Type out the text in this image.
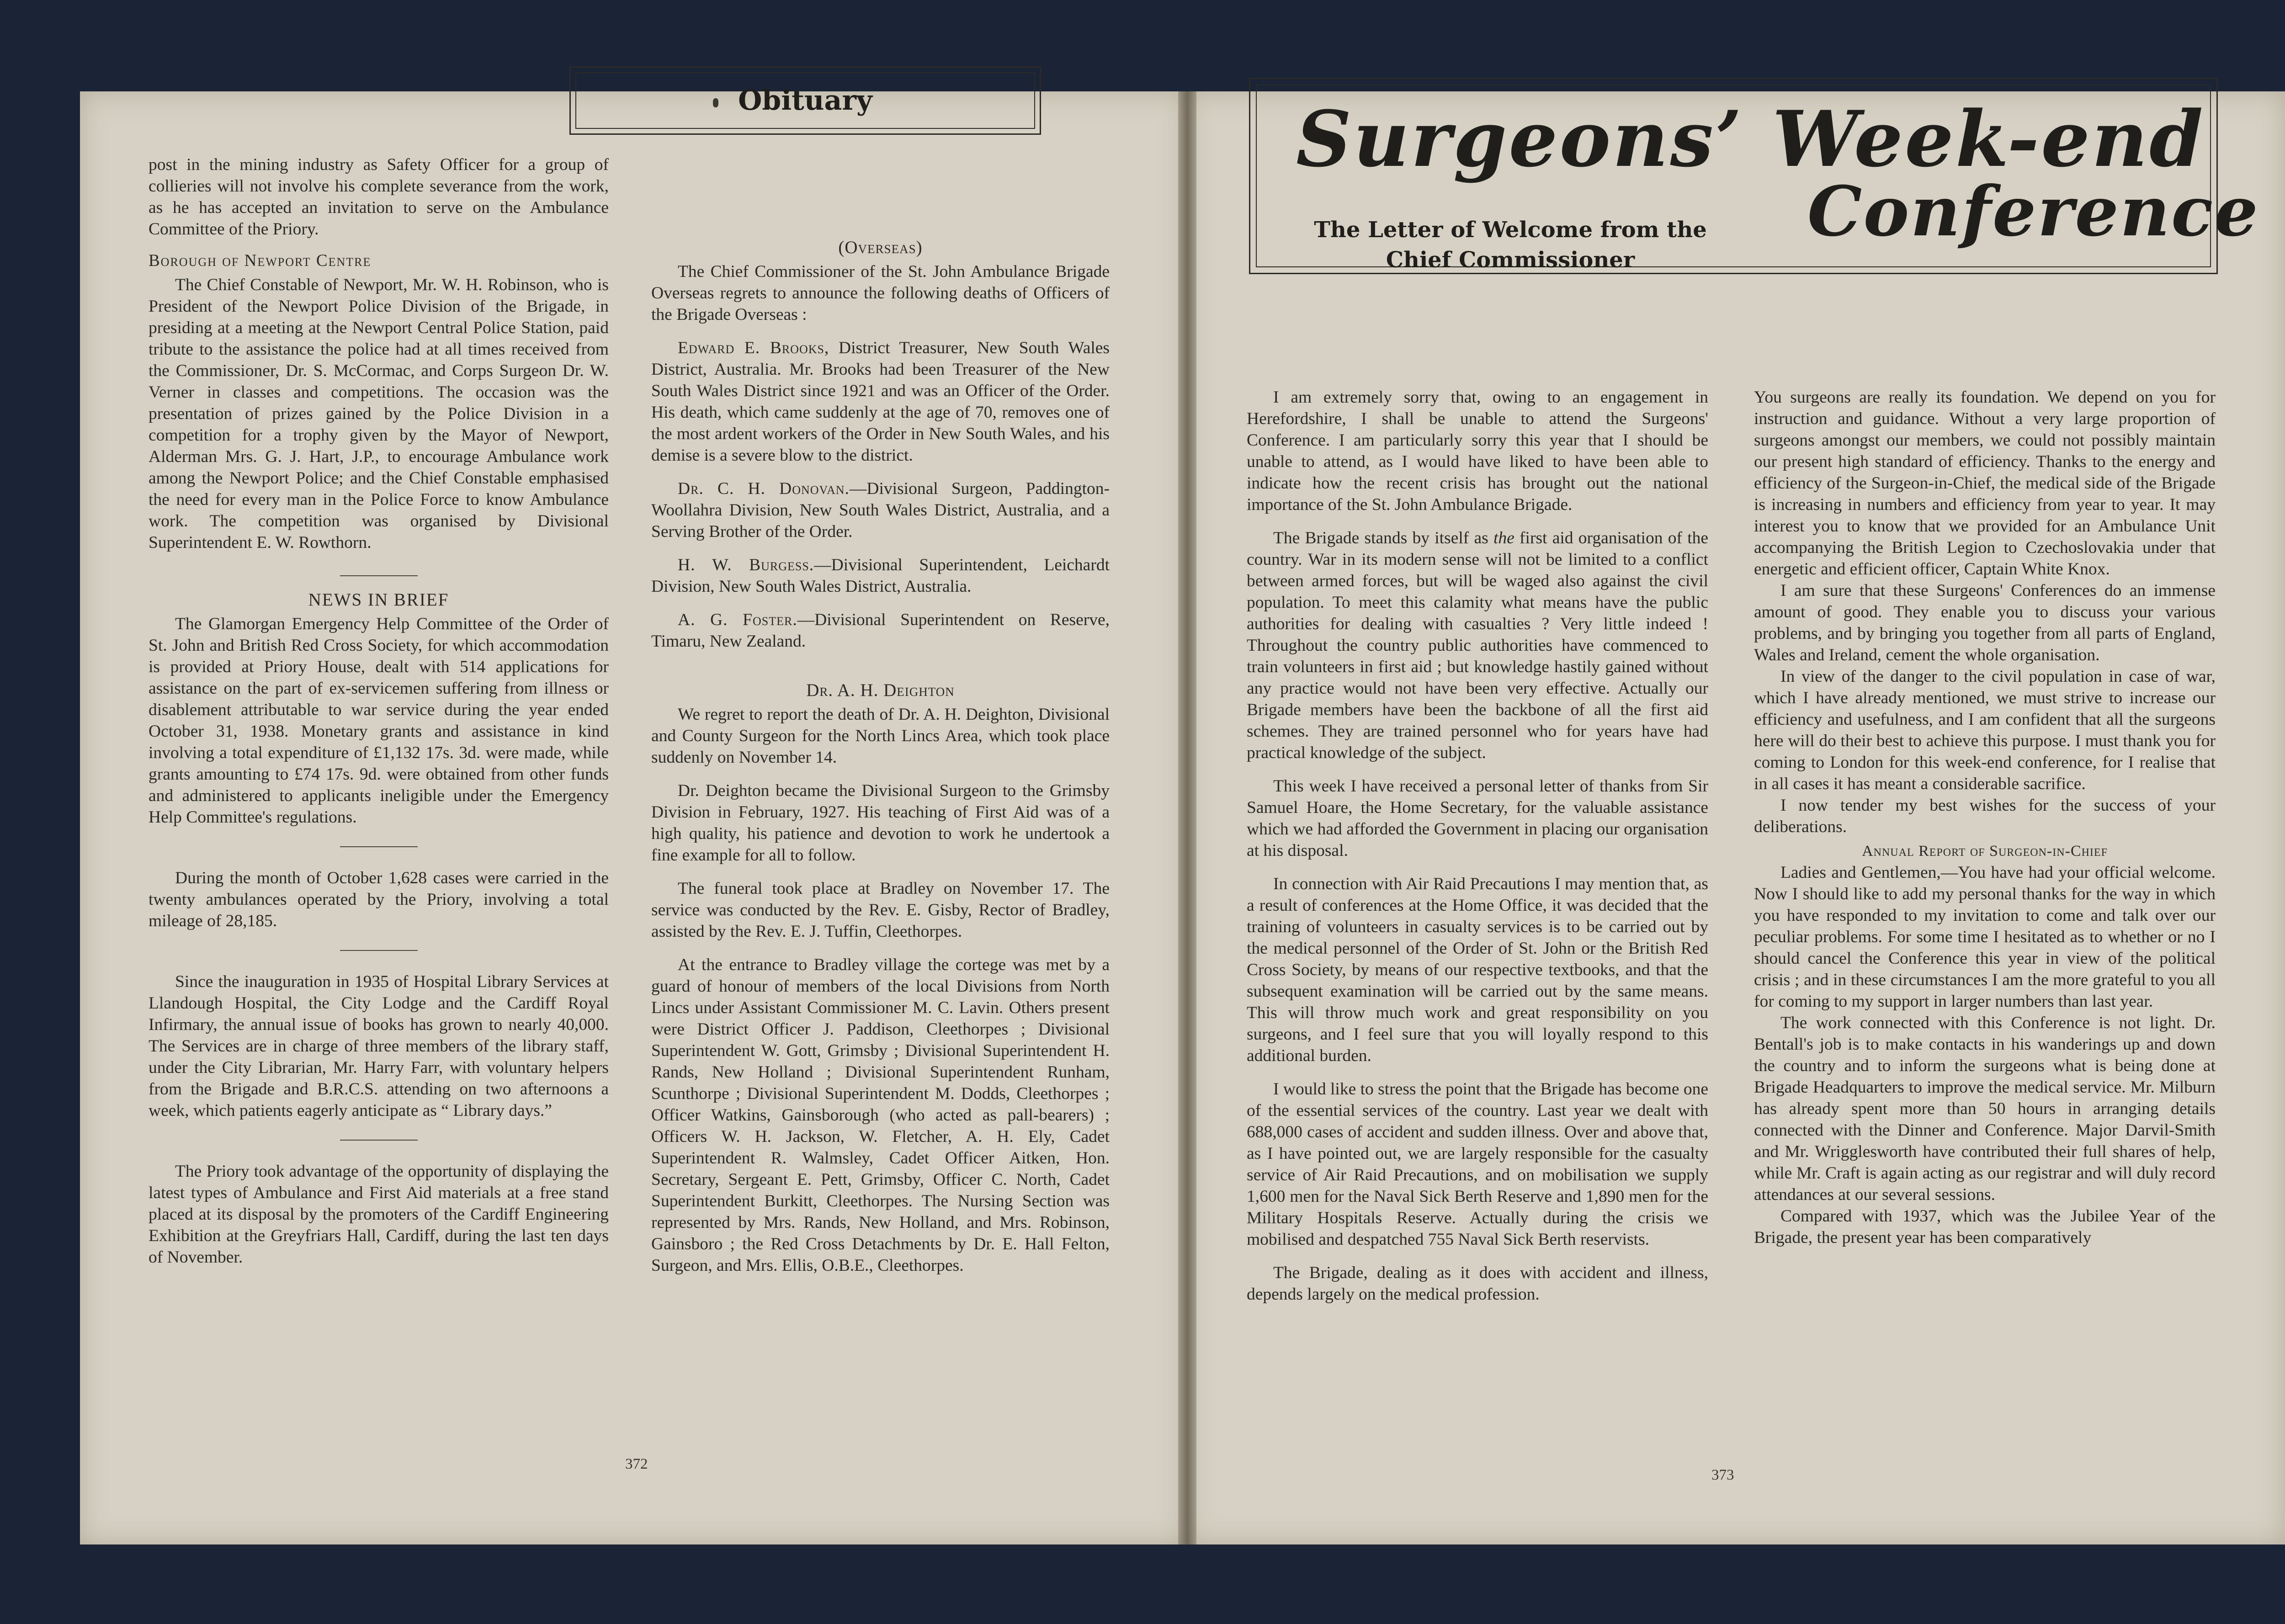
post in the mining industry as Safety Officer for a group of collieries will not involve his complete severance from the work, as he has accepted an invitation to serve on the Ambulance Committee of the Priory.

Borough of Newport Centre

The Chief Constable of Newport, Mr. W. H. Robinson, who is President of the Newport Police Division of the Brigade, in presiding at a meeting at the Newport Central Police Station, paid tribute to the assistance the police had at all times received from the Commissioner, Dr. S. McCormac, and Corps Surgeon Dr. W. Verner in classes and competitions. The occasion was the presentation of prizes gained by the Police Division in a competition for a trophy given by the Mayor of Newport, Alderman Mrs. G. J. Hart, J.P., to encourage Ambulance work among the Newport Police; and the Chief Constable emphasised the need for every man in the Police Force to know Ambulance work. The competition was organised by Divisional Superintendent E. W. Rowthorn.

NEWS IN BRIEF

The Glamorgan Emergency Help Committee of the Order of St. John and British Red Cross Society, for which accommodation is provided at Priory House, dealt with 514 applications for assistance on the part of ex-servicemen suffering from illness or disablement attributable to war service during the year ended October 31, 1938. Monetary grants and assistance in kind involving a total expenditure of £1,132 17s. 3d. were made, while grants amounting to £74 17s. 9d. were obtained from other funds and administered to applicants ineligible under the Emergency Help Committee's regulations.

During the month of October 1,628 cases were carried in the twenty ambulances operated by the Priory, involving a total mileage of 28,185.

Since the inauguration in 1935 of Hospital Library Services at Llandough Hospital, the City Lodge and the Cardiff Royal Infirmary, the annual issue of books has grown to nearly 40,000. The Services are in charge of three members of the library staff, under the City Librarian, Mr. Harry Farr, with voluntary helpers from the Brigade and B.R.C.S. attending on two afternoons a week, which patients eagerly anticipate as “ Library days.”

The Priory took advantage of the opportunity of displaying the latest types of Ambulance and First Aid materials at a free stand placed at its disposal by the promoters of the Cardiff Engineering Exhibition at the Greyfriars Hall, Cardiff, during the last ten days of November.

Obituary
(Overseas)

The Chief Commissioner of the St. John Ambulance Brigade Overseas regrets to announce the following deaths of Officers of the Brigade Overseas :

Edward E. Brooks, District Treasurer, New South Wales District, Australia. Mr. Brooks had been Treasurer of the New South Wales District since 1921 and was an Officer of the Order. His death, which came suddenly at the age of 70, removes one of the most ardent workers of the Order in New South Wales, and his demise is a severe blow to the district.

Dr. C. H. Donovan.—Divisional Surgeon, Paddington-Woollahra Division, New South Wales District, Australia, and a Serving Brother of the Order.

H. W. Burgess.—Divisional Superintendent, Leichardt Division, New South Wales District, Australia.

A. G. Foster.—Divisional Superintendent on Reserve, Timaru, New Zealand.

Dr. A. H. Deighton

We regret to report the death of Dr. A. H. Deighton, Divisional and County Surgeon for the North Lincs Area, which took place suddenly on November 14.

Dr. Deighton became the Divisional Surgeon to the Grimsby Division in February, 1927. His teaching of First Aid was of a high quality, his patience and devotion to work he undertook a fine example for all to follow.

The funeral took place at Bradley on November 17. The service was conducted by the Rev. E. Gisby, Rector of Bradley, assisted by the Rev. E. J. Tuffin, Cleethorpes.

At the entrance to Bradley village the cortege was met by a guard of honour of members of the local Divisions from North Lincs under Assistant Commissioner M. C. Lavin. Others present were District Officer J. Paddison, Cleethorpes ; Divisional Superintendent W. Gott, Grimsby ; Divisional Superintendent H. Rands, New Holland ; Divisional Superintendent Runham, Scunthorpe ; Divisional Superintendent M. Dodds, Cleethorpes ; Officer Watkins, Gainsborough (who acted as pall-bearers) ; Officers W. H. Jackson, W. Fletcher, A. H. Ely, Cadet Superintendent R. Walmsley, Cadet Officer Aitken, Hon. Secretary, Sergeant E. Pett, Grimsby, Officer C. North, Cadet Superintendent Burkitt, Cleethorpes. The Nursing Section was represented by Mrs. Rands, New Holland, and Mrs. Robinson, Gainsboro ; the Red Cross Detachments by Dr. E. Hall Felton, Surgeon, and Mrs. Ellis, O.B.E., Cleethorpes.

372
Surgeons’ Week-end
Conference
The Letter of Welcome from the Chief Commissioner

I am extremely sorry that, owing to an engagement in Herefordshire, I shall be unable to attend the Surgeons' Conference. I am particularly sorry this year that I should be unable to attend, as I would have liked to have been able to indicate how the recent crisis has brought out the national importance of the St. John Ambulance Brigade.

The Brigade stands by itself as the first aid organisation of the country. War in its modern sense will not be limited to a conflict between armed forces, but will be waged also against the civil population. To meet this calamity what means have the public authorities for dealing with casualties ? Very little indeed ! Throughout the country public authorities have commenced to train volunteers in first aid ; but knowledge hastily gained without any practice would not have been very effective. Actually our Brigade members have been the backbone of all the first aid schemes. They are trained personnel who for years have had practical knowledge of the subject.

This week I have received a personal letter of thanks from Sir Samuel Hoare, the Home Secretary, for the valuable assistance which we had afforded the Government in placing our organisation at his disposal.

In connection with Air Raid Precautions I may mention that, as a result of conferences at the Home Office, it was decided that the training of volunteers in casualty services is to be carried out by the medical personnel of the Order of St. John or the British Red Cross Society, by means of our respective textbooks, and that the subsequent examination will be carried out by the same means. This will throw much work and great responsibility on you surgeons, and I feel sure that you will loyally respond to this additional burden.

I would like to stress the point that the Brigade has become one of the essential services of the country. Last year we dealt with 688,000 cases of accident and sudden illness. Over and above that, as I have pointed out, we are largely responsible for the casualty service of Air Raid Precautions, and on mobilisation we supply 1,600 men for the Naval Sick Berth Reserve and 1,890 men for the Military Hospitals Reserve. Actually during the crisis we mobilised and despatched 755 Naval Sick Berth reservists.

The Brigade, dealing as it does with accident and illness, depends largely on the medical profession.

You surgeons are really its foundation. We depend on you for instruction and guidance. Without a very large proportion of surgeons amongst our members, we could not possibly maintain our present high standard of efficiency. Thanks to the energy and efficiency of the Surgeon-in-Chief, the medical side of the Brigade is increasing in numbers and efficiency from year to year. It may interest you to know that we provided for an Ambulance Unit accompanying the British Legion to Czechoslovakia under that energetic and efficient officer, Captain White Knox.

I am sure that these Surgeons' Conferences do an immense amount of good. They enable you to discuss your various problems, and by bringing you together from all parts of England, Wales and Ireland, cement the whole organisation.

In view of the danger to the civil population in case of war, which I have already mentioned, we must strive to increase our efficiency and usefulness, and I am confident that all the surgeons here will do their best to achieve this purpose. I must thank you for coming to London for this week-end conference, for I realise that in all cases it has meant a considerable sacrifice.

I now tender my best wishes for the success of your deliberations.

Annual Report of Surgeon-in-Chief

Ladies and Gentlemen,—You have had your official welcome. Now I should like to add my personal thanks for the way in which you have responded to my invitation to come and talk over our peculiar problems. For some time I hesitated as to whether or no I should cancel the Conference this year in view of the political crisis ; and in these circumstances I am the more grateful to you all for coming to my support in larger numbers than last year.

The work connected with this Conference is not light. Dr. Bentall's job is to make contacts in his wanderings up and down the country and to inform the surgeons what is being done at Brigade Headquarters to improve the medical service. Mr. Milburn has already spent more than 50 hours in arranging details connected with the Dinner and Conference. Major Darvil-Smith and Mr. Wrigglesworth have contributed their full shares of help, while Mr. Craft is again acting as our registrar and will duly record attendances at our several sessions.

Compared with 1937, which was the Jubilee Year of the Brigade, the present year has been comparatively

373
